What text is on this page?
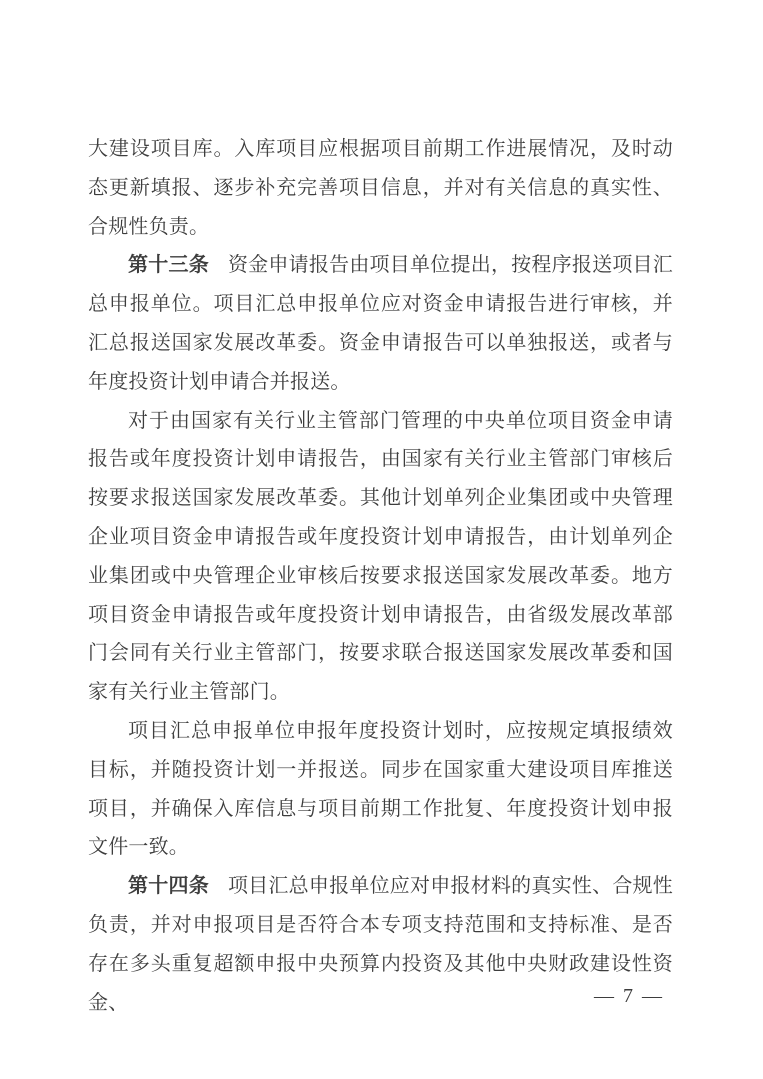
大建设项目库。入库项目应根据项目前期工作进展情况，及时动态更新填报、逐步补充完善项目信息，并对有关信息的真实性、合规性负责。

第十三条 资金申请报告由项目单位提出，按程序报送项目汇总申报单位。项目汇总申报单位应对资金申请报告进行审核，并汇总报送国家发展改革委。资金申请报告可以单独报送，或者与年度投资计划申请合并报送。

对于由国家有关行业主管部门管理的中央单位项目资金申请报告或年度投资计划申请报告，由国家有关行业主管部门审核后按要求报送国家发展改革委。其他计划单列企业集团或中央管理企业项目资金申请报告或年度投资计划申请报告，由计划单列企业集团或中央管理企业审核后按要求报送国家发展改革委。地方项目资金申请报告或年度投资计划申请报告，由省级发展改革部门会同有关行业主管部门，按要求联合报送国家发展改革委和国家有关行业主管部门。

项目汇总申报单位申报年度投资计划时，应按规定填报绩效目标，并随投资计划一并报送。同步在国家重大建设项目库推送项目，并确保入库信息与项目前期工作批复、年度投资计划申报文件一致。

第十四条 项目汇总申报单位应对申报材料的真实性、合规性负责，并对申报项目是否符合本专项支持范围和支持标准、是否存在多头重复超额申报中央预算内投资及其他中央财政建设性资金、	— 7 —
